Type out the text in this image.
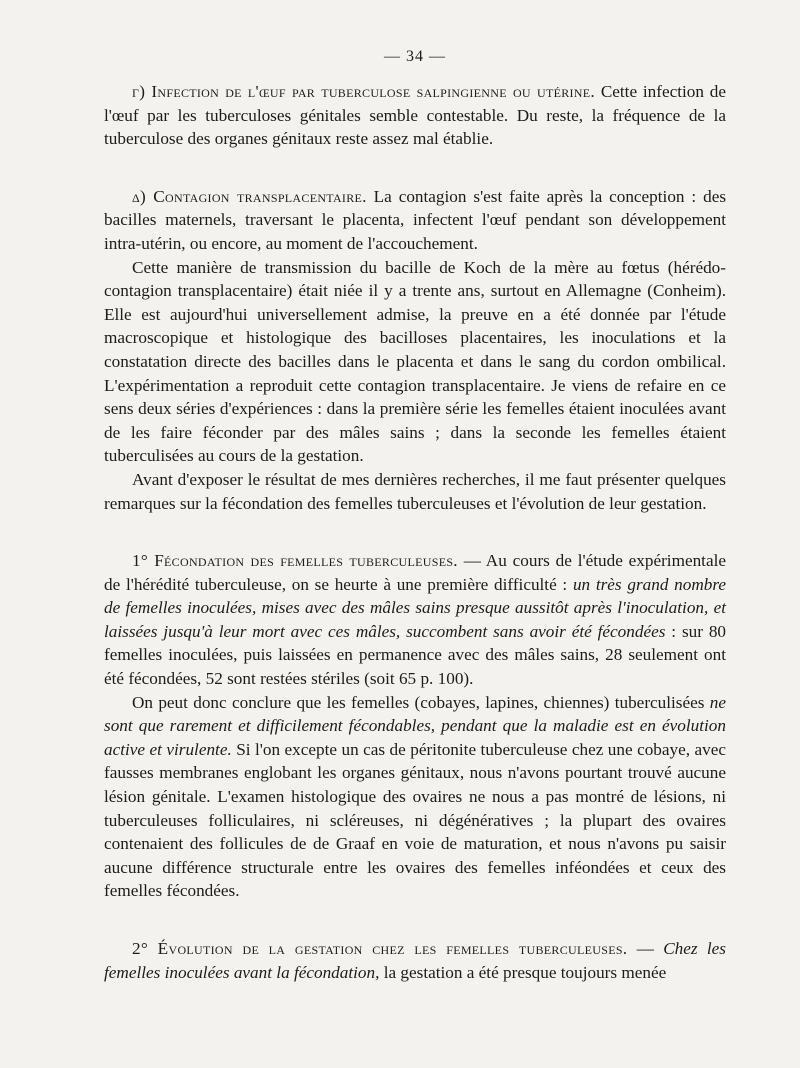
— 34 —

γ) Infection de l'œuf par tuberculose salpingienne ou utérine. Cette infection de l'œuf par les tuberculoses génitales semble contestable. Du reste, la fréquence de la tuberculose des organes génitaux reste assez mal établie.

δ) Contagion transplacentaire. La contagion s'est faite après la conception : des bacilles maternels, traversant le placenta, infectent l'œuf pendant son développement intra-utérin, ou encore, au moment de l'accouchement.

Cette manière de transmission du bacille de Koch de la mère au fœtus (hérédo-contagion transplacentaire) était niée il y a trente ans, surtout en Allemagne (Conheim). Elle est aujourd'hui universellement admise, la preuve en a été donnée par l'étude macroscopique et histologique des bacilloses placentaires, les inoculations et la constatation directe des bacilles dans le placenta et dans le sang du cordon ombilical. L'expérimentation a reproduit cette contagion transplacentaire. Je viens de refaire en ce sens deux séries d'expériences : dans la première série les femelles étaient inoculées avant de les faire féconder par des mâles sains ; dans la seconde les femelles étaient tuberculisées au cours de la gestation.

Avant d'exposer le résultat de mes dernières recherches, il me faut présenter quelques remarques sur la fécondation des femelles tuberculeuses et l'évolution de leur gestation.

1° Fécondation des femelles tuberculeuses. — Au cours de l'étude expérimentale de l'hérédité tuberculeuse, on se heurte à une première difficulté : un très grand nombre de femelles inoculées, mises avec des mâles sains presque aussitôt après l'inoculation, et laissées jusqu'à leur mort avec ces mâles, succombent sans avoir été fécondées : sur 80 femelles inoculées, puis laissées en permanence avec des mâles sains, 28 seulement ont été fécondées, 52 sont restées stériles (soit 65 p. 100).

On peut donc conclure que les femelles (cobayes, lapines, chiennes) tuberculisées ne sont que rarement et difficilement fécondables, pendant que la maladie est en évolution active et virulente. Si l'on excepte un cas de péritonite tuberculeuse chez une cobaye, avec fausses membranes englobant les organes génitaux, nous n'avons pourtant trouvé aucune lésion génitale. L'examen histologique des ovaires ne nous a pas montré de lésions, ni tuberculeuses folliculaires, ni scléreuses, ni dégénératives ; la plupart des ovaires contenaient des follicules de de Graaf en voie de maturation, et nous n'avons pu saisir aucune différence structurale entre les ovaires des femelles inféondées et ceux des femelles fécondées.

2° Évolution de la gestation chez les femelles tuberculeuses. — Chez les femelles inoculées avant la fécondation, la gestation a été presque toujours menée
